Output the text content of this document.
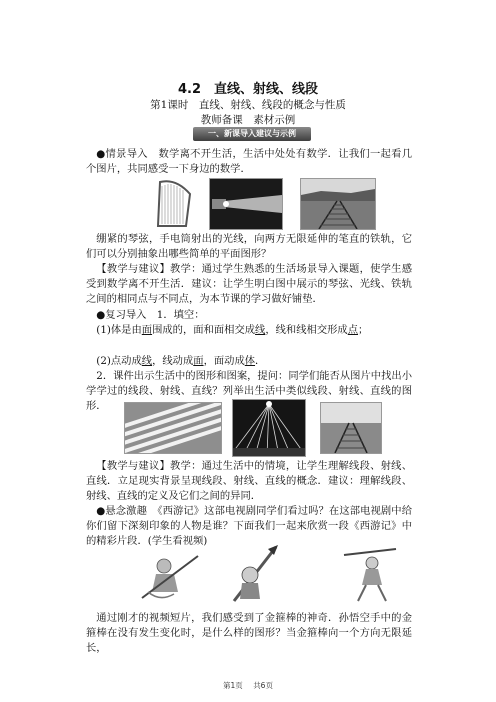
4.2　直线、射线、线段
第1课时　直线、射线、线段的概念与性质
教师备课　素材示例
一、新课导入建议与示例

●情景导入　数学离不开生活，生活中处处有数学．让我们一起看几个图片，共同感受一下身边的数学．

绷紧的琴弦，手电筒射出的光线，向两方无限延伸的笔直的铁轨，它们可以分别抽象出哪些简单的平面图形？

【教学与建议】教学：通过学生熟悉的生活场景导入课题，使学生感受到数学离不开生活．建议：让学生明白图中展示的琴弦、光线、铁轨之间的相同点与不同点，为本节课的学习做好铺垫．

●复习导入　1．填空：

(1)体是由面围成的，面和面相交成线，线和线相交形成点；

(2)点动成线，线动成面，面动成体．

2．课件出示生活中的图形和图案，提问：同学们能否从图片中找出小学学过的线段、射线、直线？列举出生活中类似线段、射线、直线的图形．

【教学与建议】教学：通过生活中的情境，让学生理解线段、射线、直线．立足现实背景呈现线段、射线、直线的概念．建议：理解线段、射线、直线的定义及它们之间的异同．

●悬念激趣　《西游记》这部电视剧同学们看过吗？在这部电视剧中给你们留下深刻印象的人物是谁？下面我们一起来欣赏一段《西游记》中的精彩片段．(学生看视频)

通过刚才的视频短片，我们感受到了金箍棒的神奇．孙悟空手中的金箍棒在没有发生变化时，是什么样的图形？当金箍棒向一个方向无限延长，

第1页 共6页
